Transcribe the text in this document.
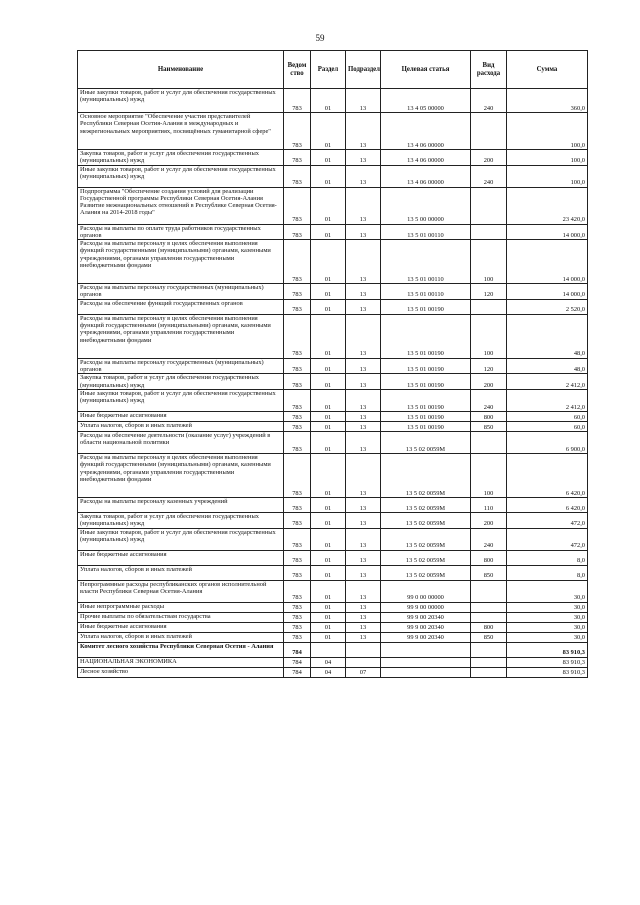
59
Наименование	Ведом ство	Раздел	Подраздел	Целевая статья	Вид расхода	Сумма
Иные закупки товаров, работ и услуг для обеспечения государственных (муниципальных) нужд	783	01	13	13 4 05 00000	240	360,0
Основное мероприятие "Обеспечение участия представителей Республики Северная Осетия-Алания в международных и межрегиональных мероприятиях, посвящённых гуманитарной сфере"	783	01	13	13 4 06 00000		100,0
Закупка товаров, работ и услуг для обеспечения государственных (муниципальных) нужд	783	01	13	13 4 06 00000	200	100,0
Иные закупки товаров, работ и услуг для обеспечения государственных (муниципальных) нужд	783	01	13	13 4 06 00000	240	100,0
Подпрограмма "Обеспечение создания условий для реализации Государственной программы Республики Северная Осетия-Алания Развитие межнациональных отношений в Республике Северная Осетия-Алания на 2014-2018 годы"	783	01	13	13 5 00 00000		23 420,0
Расходы на выплаты по оплате труда работников государственных органов	783	01	13	13 5 01 00110		14 000,0
Расходы на выплаты персоналу в целях обеспечения выполнения функций государственными (муниципальными) органами, казенными учреждениями, органами управления государственными внебюджетными фондами	783	01	13	13 5 01 00110	100	14 000,0
Расходы на выплаты персоналу государственных (муниципальных) органов	783	01	13	13 5 01 00110	120	14 000,0
Расходы на обеспечение функций государственных органов	783	01	13	13 5 01 00190		2 520,0
Расходы на выплаты персоналу в целях обеспечения выполнения функций государственными (муниципальными) органами, казенными учреждениями, органами управления государственными внебюджетными фондами	783	01	13	13 5 01 00190	100	48,0
Расходы на выплаты персоналу государственных (муниципальных) органов	783	01	13	13 5 01 00190	120	48,0
Закупка товаров, работ и услуг для обеспечения государственных (муниципальных) нужд	783	01	13	13 5 01 00190	200	2 412,0
Иные закупки товаров, работ и услуг для обеспечения государственных (муниципальных) нужд	783	01	13	13 5 01 00190	240	2 412,0
Иные бюджетные ассигнования	783	01	13	13 5 01 00190	800	60,0
Уплата налогов, сборов и иных платежей	783	01	13	13 5 01 00190	850	60,0
Расходы на обеспечение деятельности (оказание услуг) учреждений в области национальной политики	783	01	13	13 5 02 0059М		6 900,0
Расходы на выплаты персоналу в целях обеспечения выполнения функций государственными (муниципальными) органами, казенными учреждениями, органами управления государственными внебюджетными фондами	783	01	13	13 5 02 0059М	100	6 420,0
Расходы на выплаты персоналу казенных учреждений	783	01	13	13 5 02 0059М	110	6 420,0
Закупка товаров, работ и услуг для обеспечения государственных (муниципальных) нужд	783	01	13	13 5 02 0059М	200	472,0
Иные закупки товаров, работ и услуг для обеспечения государственных (муниципальных) нужд	783	01	13	13 5 02 0059М	240	472,0
Иные бюджетные ассигнования	783	01	13	13 5 02 0059М	800	8,0
Уплата налогов, сборов и иных платежей	783	01	13	13 5 02 0059М	850	8,0
Непрограммные расходы республиканских органов исполнительной власти Республики Северная Осетия-Алания	783	01	13	99 0 00 00000		30,0
Иные непрограммные расходы	783	01	13	99 9 00 00000		30,0
Прочие выплаты по обязательствам государства	783	01	13	99 9 00 20340		30,0
Иные бюджетные ассигнования	783	01	13	99 9 00 20340	800	30,0
Уплата налогов, сборов и иных платежей	783	01	13	99 9 00 20340	850	30,0
Комитет лесного хозяйства Республики Северная Осетия - Алания	784					83 910,3
НАЦИОНАЛЬНАЯ ЭКОНОМИКА	784	04				83 910,3
Лесное хозяйство	784	04	07			83 910,3
